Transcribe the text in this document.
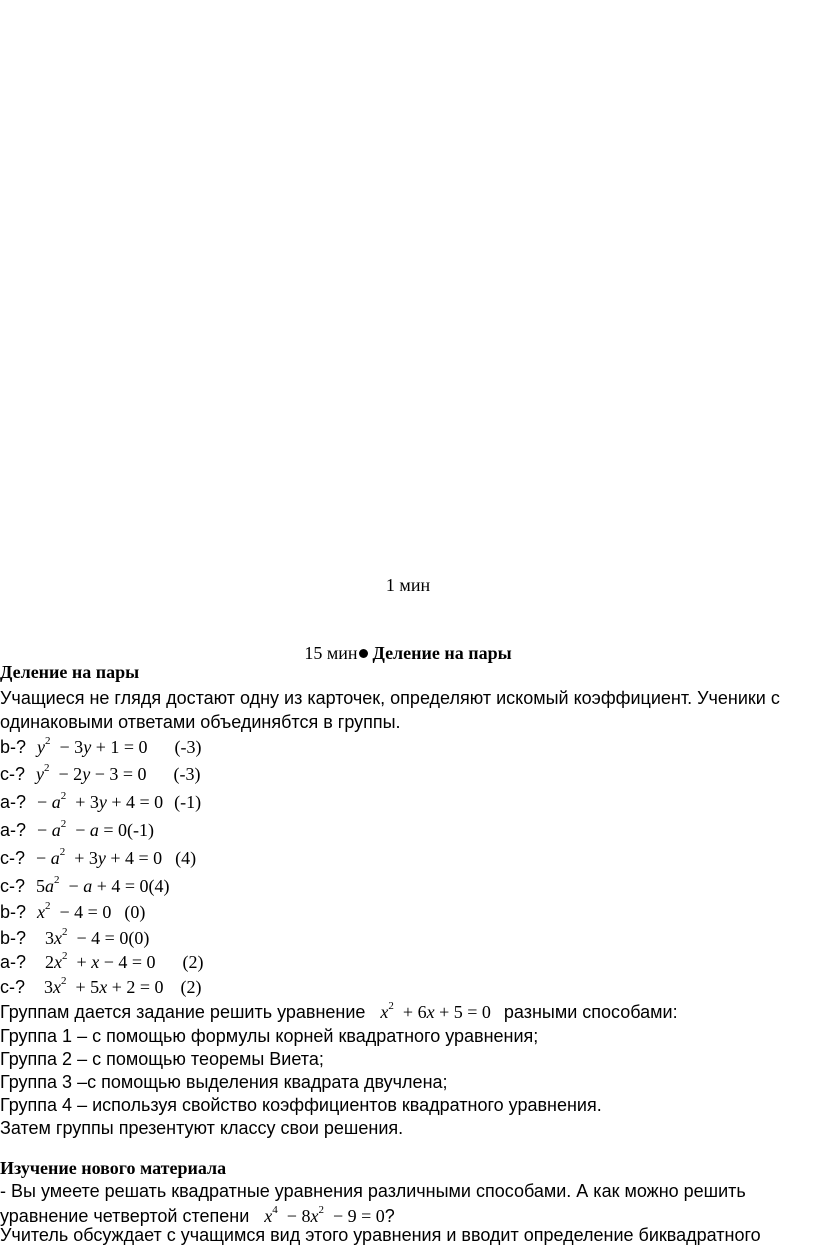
1 мин
15 мин Деление на пары
Деление на пары
Учащиеся не глядя достают одну из карточек, определяют искомый коэффициент. Ученики с
одинаковыми ответами объединябтся в группы.
b-? $y^2 - 3y + 1 = 0$ (-3)
c-? $y^2 - 2y - 3 = 0$ (-3)
a-? − $a^2 + 3y + 4 = 0$ (-1)
a-? − $a^2 - a = 0(-1)$
c-? − $a^2 + 3y + 4 = 0$ (4)
c-? $5a^2 - a + 4 = 0(4)$
b-? $x^2 - 4 = 0$ (0)
b-? $3x^2 - 4 = 0(0)$
a-? $2x^2 + x - 4 = 0$ (2)
c-? $3x^2 + 5x + 2 = 0$ (2)
Группам дается задание решить уравнение $x^2 + 6x + 5 = 0$ разными способами:
Группа 1 – с помощью формулы корней квадратного уравнения;
Группа 2 – с помощью теоремы Виета;
Группа 3 –с помощью выделения квадрата двучлена;
Группа 4 – используя свойство коэффициентов квадратного уравнения.
Затем группы презентуют классу свои решения.
Изучение нового материала
- Вы умеете решать квадратные уравнения различными способами. А как можно решить
уравнение четвертой степени $x^4 - 8x^2 - 9 = 0$?
Учитель обсуждает с учащимся вид этого уравнения и вводит определение биквадратного
